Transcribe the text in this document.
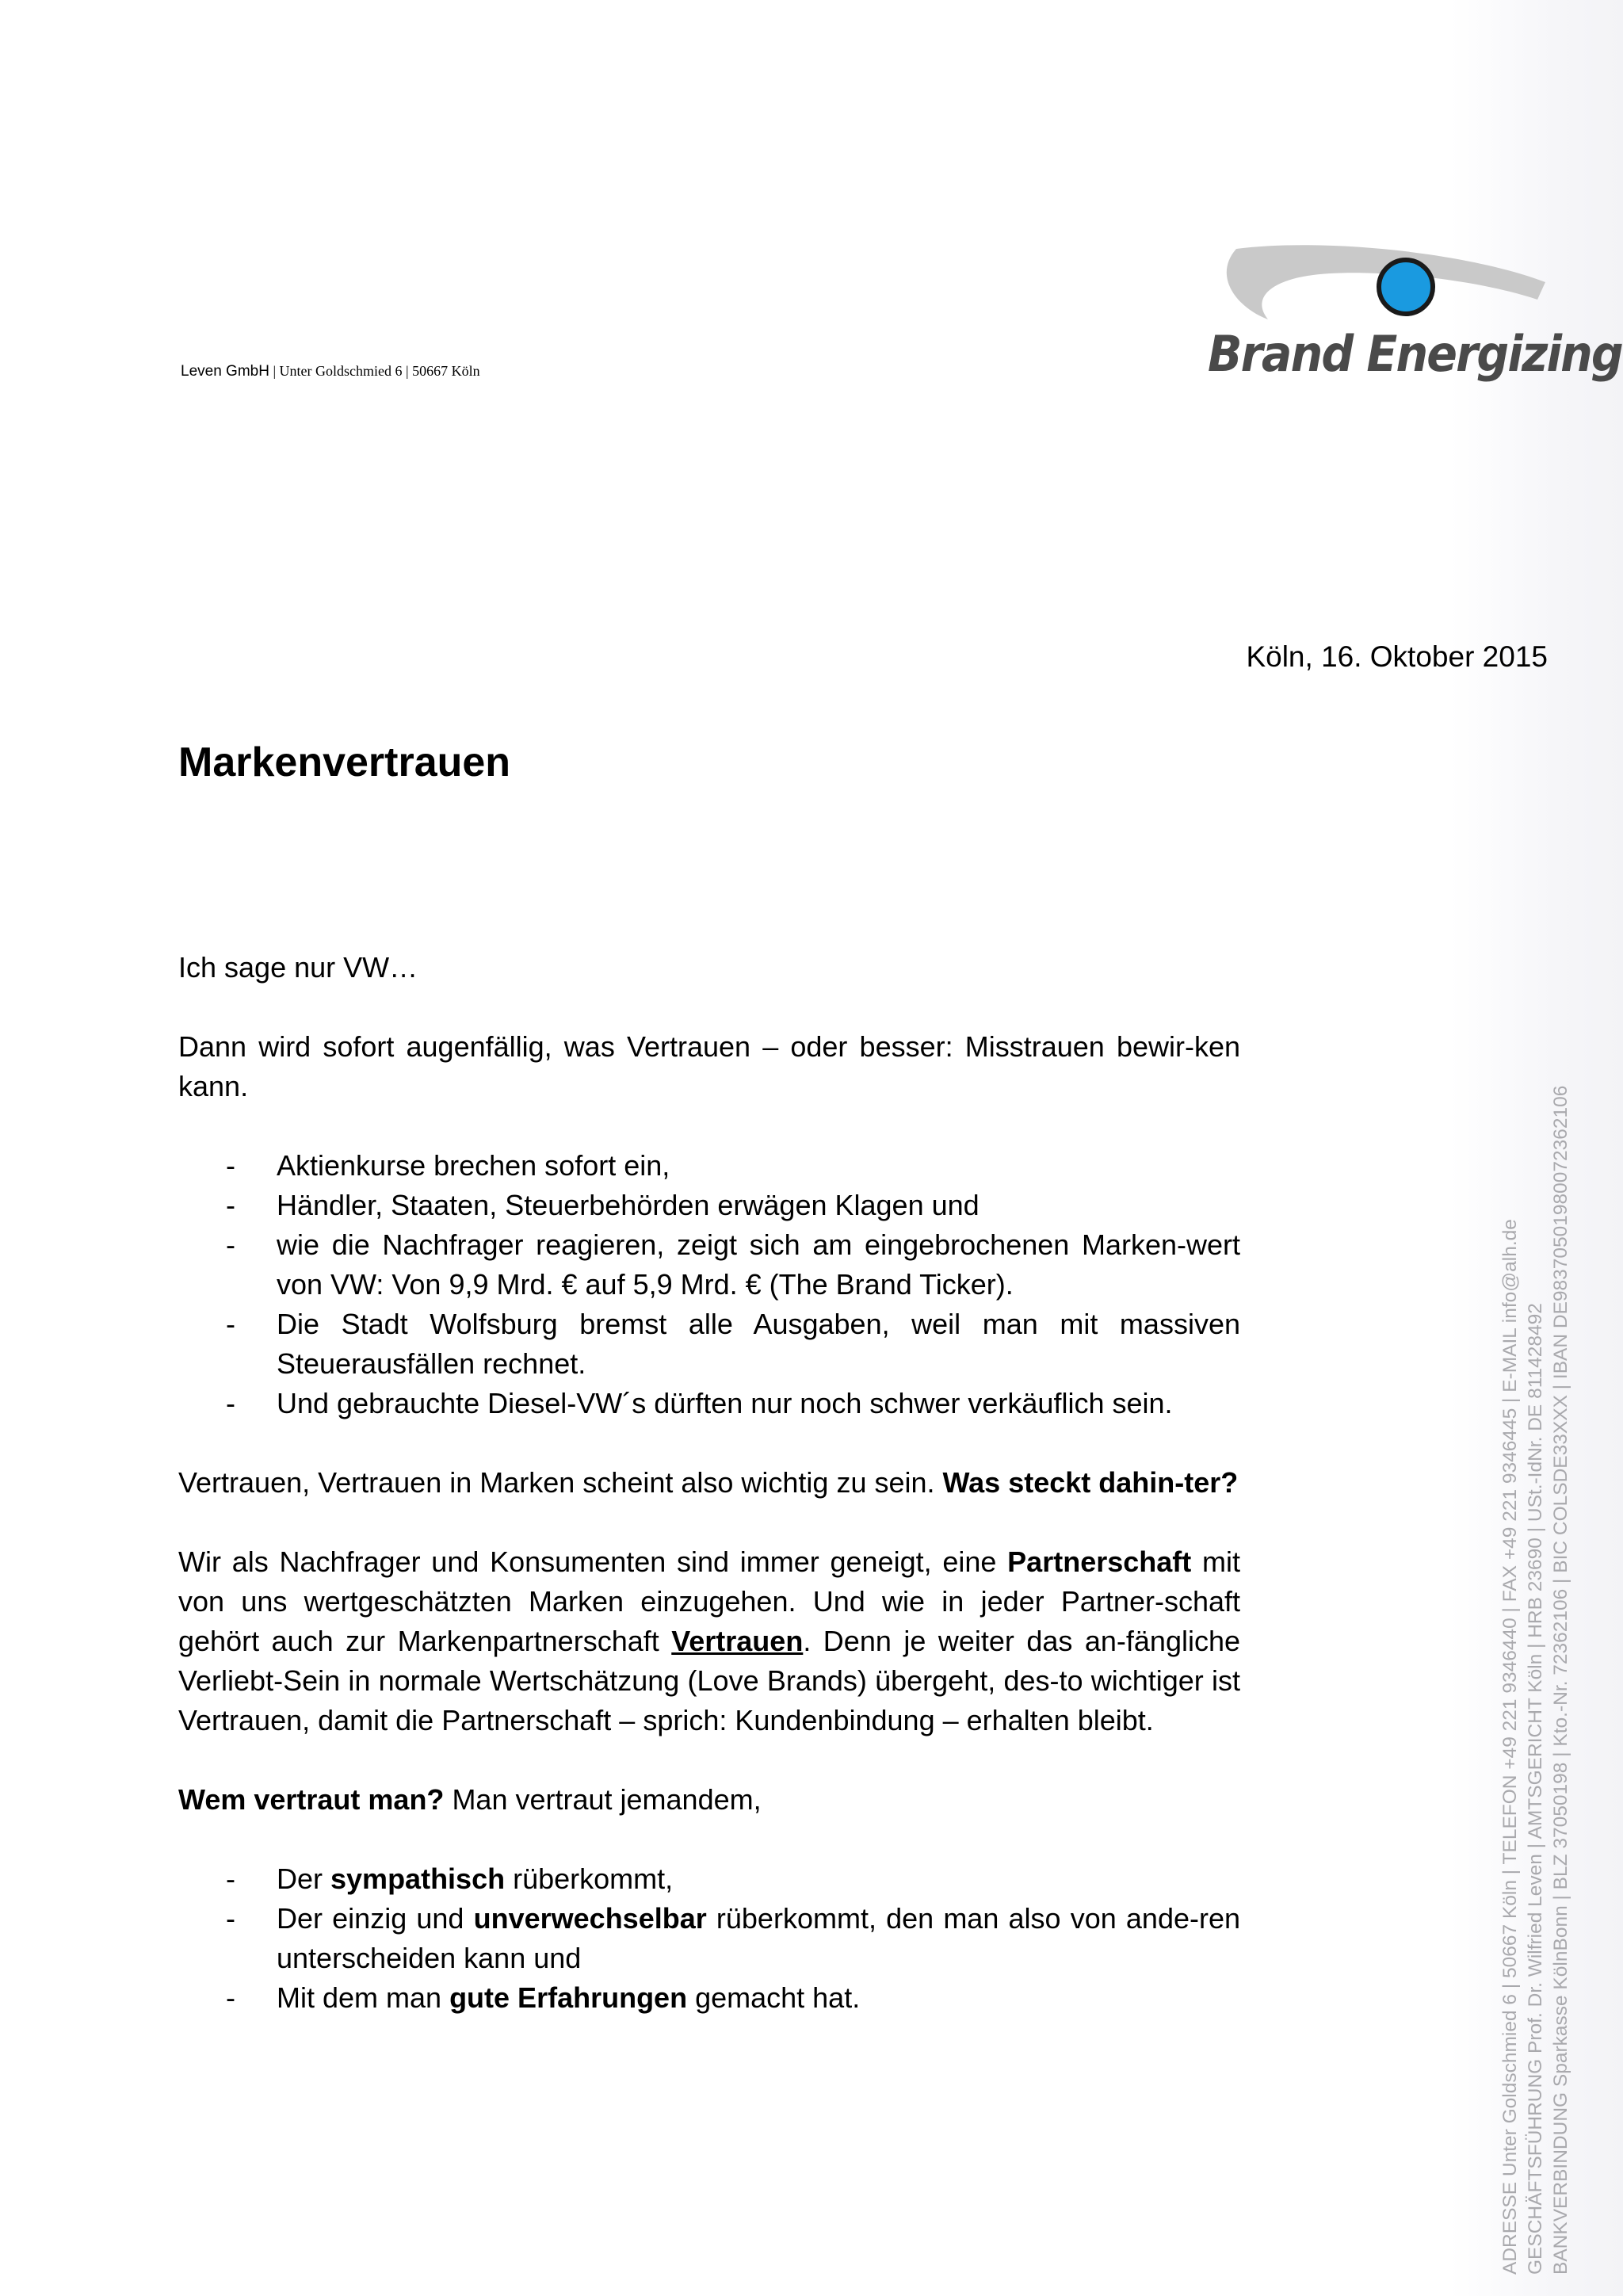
Leven GmbH | Unter Goldschmied 6 | 50667 Köln	Brand Energizing
Köln, 16. Oktober 2015
Markenvertrauen

Ich sage nur VW…

Dann wird sofort augenfällig, was Vertrauen – oder besser: Misstrauen bewir-ken kann.

- Aktienkurse brechen sofort ein,
- Händler, Staaten, Steuerbehörden erwägen Klagen und
- wie die Nachfrager reagieren, zeigt sich am eingebrochenen Marken-wert von VW: Von 9,9 Mrd. € auf 5,9 Mrd. € (The Brand Ticker).
- Die Stadt Wolfsburg bremst alle Ausgaben, weil man mit massiven Steuerausfällen rechnet.
- Und gebrauchte Diesel-VW´s dürften nur noch schwer verkäuflich sein.

Vertrauen, Vertrauen in Marken scheint also wichtig zu sein. Was steckt dahin-ter?

Wir als Nachfrager und Konsumenten sind immer geneigt, eine Partnerschaft mit von uns wertgeschätzten Marken einzugehen. Und wie in jeder Partner-schaft gehört auch zur Markenpartnerschaft Vertrauen. Denn je weiter das an-fängliche Verliebt-Sein in normale Wertschätzung (Love Brands) übergeht, des-to wichtiger ist Vertrauen, damit die Partnerschaft – sprich: Kundenbindung – erhalten bleibt.

Wem vertraut man? Man vertraut jemandem,

- Der sympathisch rüberkommt,
- Der einzig und unverwechselbar rüberkommt, den man also von ande-ren unterscheiden kann und
- Mit dem man gute Erfahrungen gemacht hat.	ADRESSE Unter Goldschmied 6 | 50667 Köln | TELEFON +49 221 9346440 | FAX +49 221 9346445 | E-MAIL info@alh.de GESCHÄFTSFÜHRUNG Prof. Dr. Wilfried Leven | AMTSGERICHT Köln | HRB 23690 | USt.-IdNr. DE 811428492 BANKVERBINDUNG Sparkasse KölnBonn | BLZ 37050198 | Kto.-Nr. 72362106 | BIC COLSDE33XXX | IBAN DE98370501980072362106
